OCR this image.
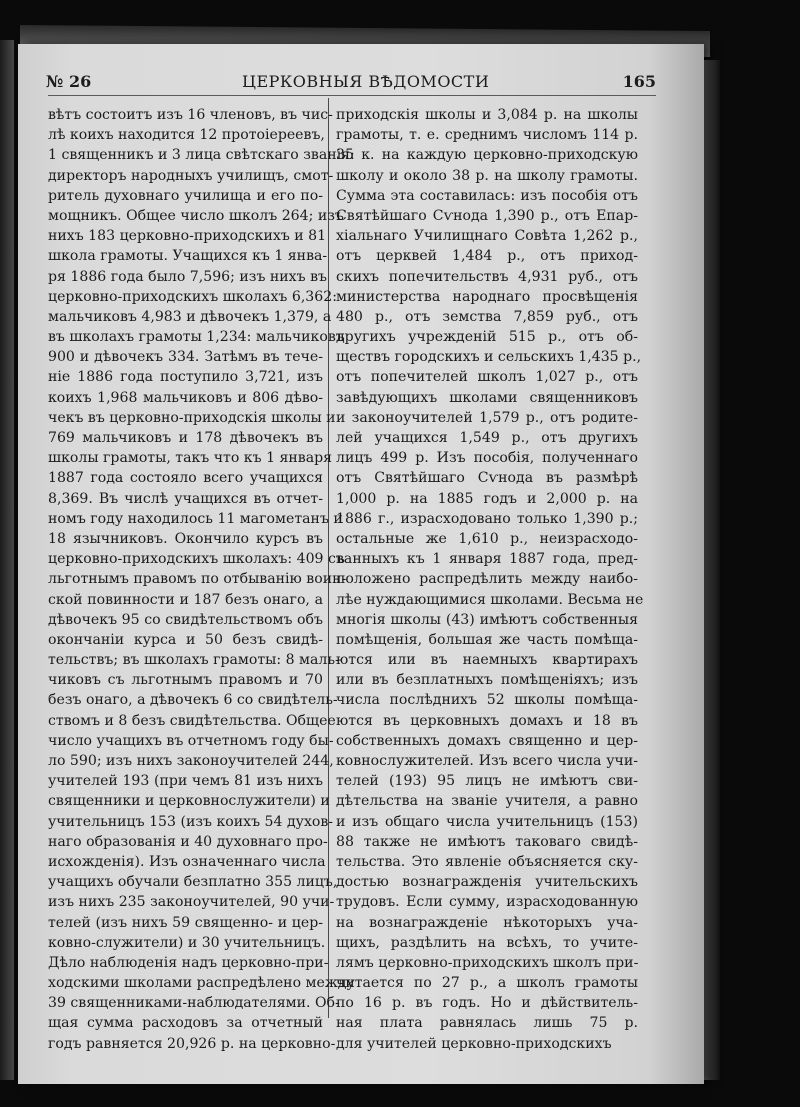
№ 26	ЦЕРКОВНЫЯ ВѢДОМОСТИ	165
вѣтъ состоитъ изъ 16 членовъ, въ чис-
лѣ коихъ находится 12 протоіереевъ,
1 священникъ и 3 лица свѣтскаго званія:
директоръ народныхъ училищъ, смот-
ритель духовнаго училища и его по-
мощникъ. Общее число школъ 264; изъ
нихъ 183 церковно-приходскихъ и 81
школа грамоты. Учащихся къ 1 янва-
ря 1886 года было 7,596; изъ нихъ въ
церковно-приходскихъ школахъ 6,362:
мальчиковъ 4,983 и дѣвочекъ 1,379, а
въ школахъ грамоты 1,234: мальчиковъ
900 и дѣвочекъ 334. Затѣмъ въ тече-
ніе 1886 года поступило 3,721, изъ
коихъ 1,968 мальчиковъ и 806 дѣво-
чекъ въ церковно-приходскія школы и
769 мальчиковъ и 178 дѣвочекъ въ
школы грамоты, такъ что къ 1 января
1887 года состояло всего учащихся
8,369. Въ числѣ учащихся въ отчет-
номъ году находилось 11 магометанъ и
18 язычниковъ. Окончило курсъ въ
церковно-приходскихъ школахъ: 409 съ
льготнымъ правомъ по отбыванію воин-
ской повинности и 187 безъ онаго, а
дѣвочекъ 95 со свидѣтельствомъ объ
окончаніи курса и 50 безъ свидѣ-
тельствъ; въ школахъ грамоты: 8 маль-
чиковъ съ льготнымъ правомъ и 70
безъ онаго, а дѣвочекъ 6 со свидѣтель-
ствомъ и 8 безъ свидѣтельства. Общее
число учащихъ въ отчетномъ году бы-
ло 590; изъ нихъ законоучителей 244,
учителей 193 (при чемъ 81 изъ нихъ
священники и церковнослужители) и
учительницъ 153 (изъ коихъ 54 духов-
наго образованія и 40 духовнаго про-
исхожденія). Изъ означеннаго числа
учащихъ обучали безплатно 355 лицъ,
изъ нихъ 235 законоучителей, 90 учи-
телей (изъ нихъ 59 священно- и цер-
ковно-служители) и 30 учительницъ.
Дѣло наблюденія надъ церковно-при-
ходскими школами распредѣлено между
39 священниками-наблюдателями. Об-
щая сумма расходовъ за отчетный
годъ равняется 20,926 р. на церковно-
приходскія школы и 3,084 р. на школы
грамоты, т. е. среднимъ числомъ 114 р.
35 к. на каждую церковно-приходскую
школу и около 38 р. на школу грамоты.
Сумма эта составилась: изъ пособія отъ
Святѣйшаго Сѵнода 1,390 р., отъ Епар-
хіальнаго Училищнаго Совѣта 1,262 р.,
отъ церквей 1,484 р., отъ приход-
скихъ попечительствъ 4,931 руб., отъ
министерства народнаго просвѣщенія
480 р., отъ земства 7,859 руб., отъ
другихъ учрежденій 515 р., отъ об-
ществъ городскихъ и сельскихъ 1,435 р.,
отъ попечителей школъ 1,027 р., отъ
завѣдующихъ школами священниковъ
и законоучителей 1,579 р., отъ родите-
лей учащихся 1,549 р., отъ другихъ
лицъ 499 р. Изъ пособія, полученнаго
отъ Святѣйшаго Сѵнода въ размѣрѣ
1,000 р. на 1885 годъ и 2,000 р. на
1886 г., израсходовано только 1,390 р.;
остальные же 1,610 р., неизрасходо-
ванныхъ къ 1 января 1887 года, пред-
положено распредѣлить между наибо-
лѣе нуждающимися школами. Весьма не
многія школы (43) имѣютъ собственныя
помѣщенія, большая же часть помѣща-
ются или въ наемныхъ квартирахъ
или въ безплатныхъ помѣщеніяхъ; изъ
числа послѣднихъ 52 школы помѣща-
ются въ церковныхъ домахъ и 18 въ
собственныхъ домахъ священно и цер-
ковнослужителей. Изъ всего числа учи-
телей (193) 95 лицъ не имѣютъ сви-
дѣтельства на званіе учителя, а равно
и изъ общаго числа учительницъ (153)
88 также не имѣютъ таковаго свидѣ-
тельства. Это явленіе объясняется ску-
достью вознагражденія учительскихъ
трудовъ. Если сумму, израсходованную
на вознагражденіе нѣкоторыхъ уча-
щихъ, раздѣлить на всѣхъ, то учите-
лямъ церковно-приходскихъ школъ при-
читается по 27 р., а школъ грамоты
по 16 р. въ годъ. Но и дѣйствитель-
ная плата равнялась лишь 75 р.
для учителей церковно-приходскихъ
